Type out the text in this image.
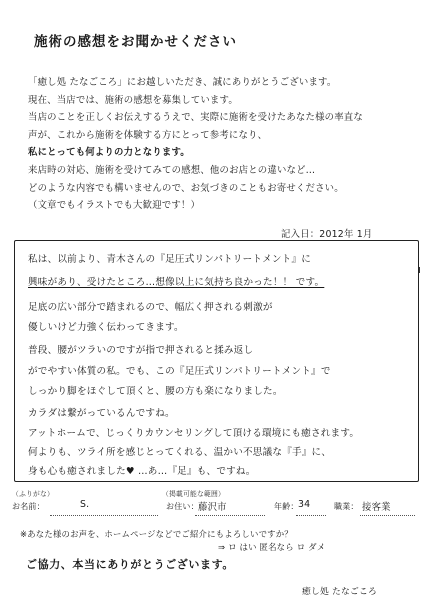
施術の感想をお聞かせください
「癒し処 たなごころ」にお越しいただき、誠にありがとうございます。
現在、当店では、施術の感想を募集しています。
当店のことを正しくお伝えするうえで、実際に施術を受けたあなた様の率直な
声が、これから施術を体験する方にとって参考になり、
私にとっても何よりの力となります。
来店時の対応、施術を受けてみての感想、他のお店との違いなど…
どのような内容でも構いませんので、お気づきのこともお寄せください。
（文章でもイラストでも大歓迎です！）
記入日：2012年 1月
私は、以前より、青木さんの『足圧式リンパトリートメント』に
興味があり、受けたところ…想像以上に気持ち良かった！！ です。
足底の広い部分で踏まれるので、幅広く押される刺激が
優しいけど力強く伝わってきます。
普段、腰がツラいのですが指で押されると揉み返し
がでやすい体質の私。でも、この『足圧式リンパトリートメント』で
しっかり脚をほぐして頂くと、腰の方も楽になりました。
カラダは繋がっているんですね。
アットホームで、じっくりカウンセリングして頂ける環境にも癒されます。
何よりも、ツライ所を感じとってくれる、温かい不思議な『手』に、
身も心も癒されました♥ …あ…『足』も、ですね。
（ふりがな）
お名前：	S.
（掲載可能な範囲）
お住い： 藤沢市	年齢： 34	職業： 接客業
※あなた様のお声を、ホームページなどでご紹介にもよろしいですか？
⇒ ロ はい 匿名なら ロ ダメ
ご協力、本当にありがとうございます。
癒し処 たなごころ
